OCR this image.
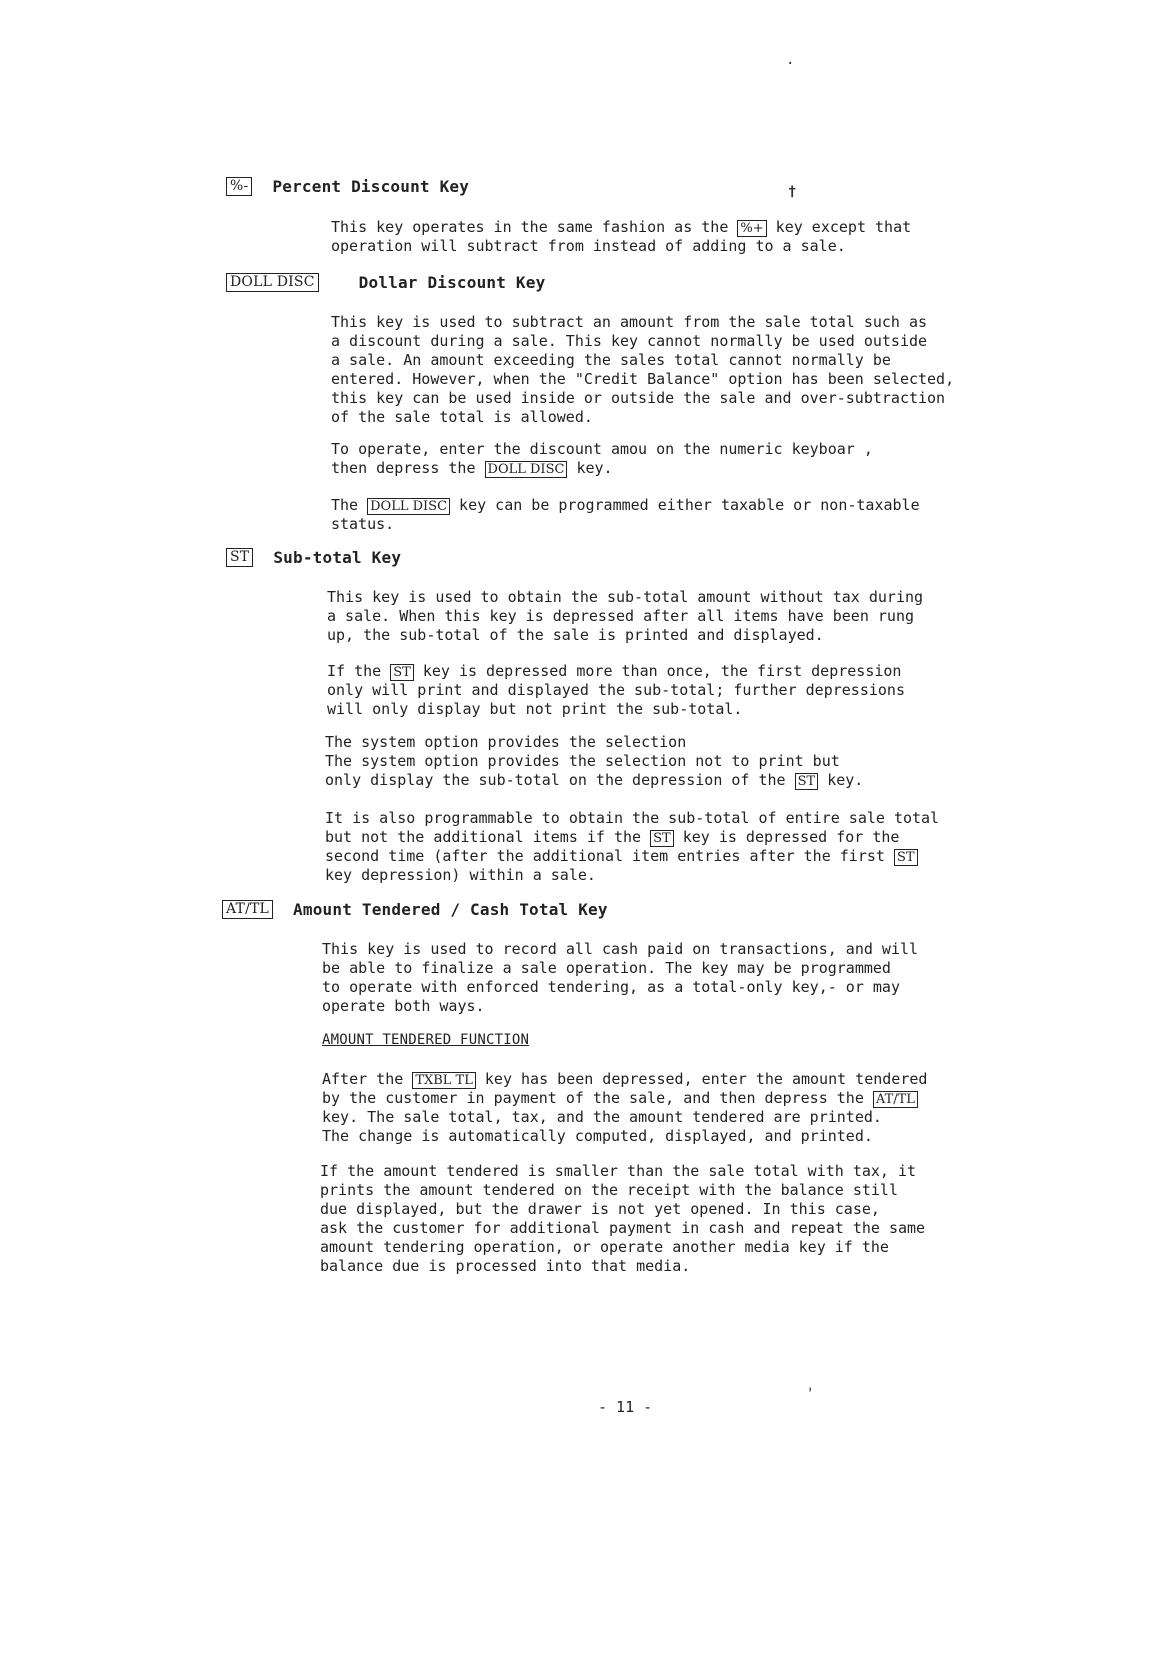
%- Percent Discount Key
This key operates in the same fashion as the %+ key except that
operation will subtract from instead of adding to a sale.
DOLL DISC	Dollar Discount Key
This key is used to subtract an amount from the sale total such as
a discount during a sale. This key cannot normally be used outside
a sale. An amount exceeding the sales total cannot normally be
entered. However, when the "Credit Balance" option has been selected,
this key can be used inside or outside the sale and over-subtraction
of the sale total is allowed.
To operate, enter the discount amou on the numeric keyboar ,
then depress the DOLL DISC key.
The DOLL DISC key can be programmed either taxable or non-taxable
status.
ST Sub-total Key
This key is used to obtain the sub-total amount without tax during
a sale. When this key is depressed after all items have been rung
up, the sub-total of the sale is printed and displayed.
If the ST key is depressed more than once, the first depression
only will print and displayed the sub-total; further depressions
will only display but not print the sub-total.
The system option provides the selection
The system option provides the selection not to print but
only display the sub-total on the depression of the ST key.
It is also programmable to obtain the sub-total of entire sale total
but not the additional items if the ST key is depressed for the
second time (after the additional item entries after the first ST
key depression) within a sale.
AT/TL Amount Tendered / Cash Total Key
This key is used to record all cash paid on transactions, and will
be able to finalize a sale operation. The key may be programmed
to operate with enforced tendering, as a total-only key,- or may
operate both ways.
AMOUNT TENDERED FUNCTION
After the TXBL TL key has been depressed, enter the amount tendered
by the customer in payment of the sale, and then depress the AT/TL
key. The sale total, tax, and the amount tendered are printed.
The change is automatically computed, displayed, and printed.
If the amount tendered is smaller than the sale total with tax, it
prints the amount tendered on the receipt with the balance still
due displayed, but the drawer is not yet opened. In this case,
ask the customer for additional payment in cash and repeat the same
amount tendering operation, or operate another media key if the
balance due is processed into that media.
- 11 -
†
.
'
